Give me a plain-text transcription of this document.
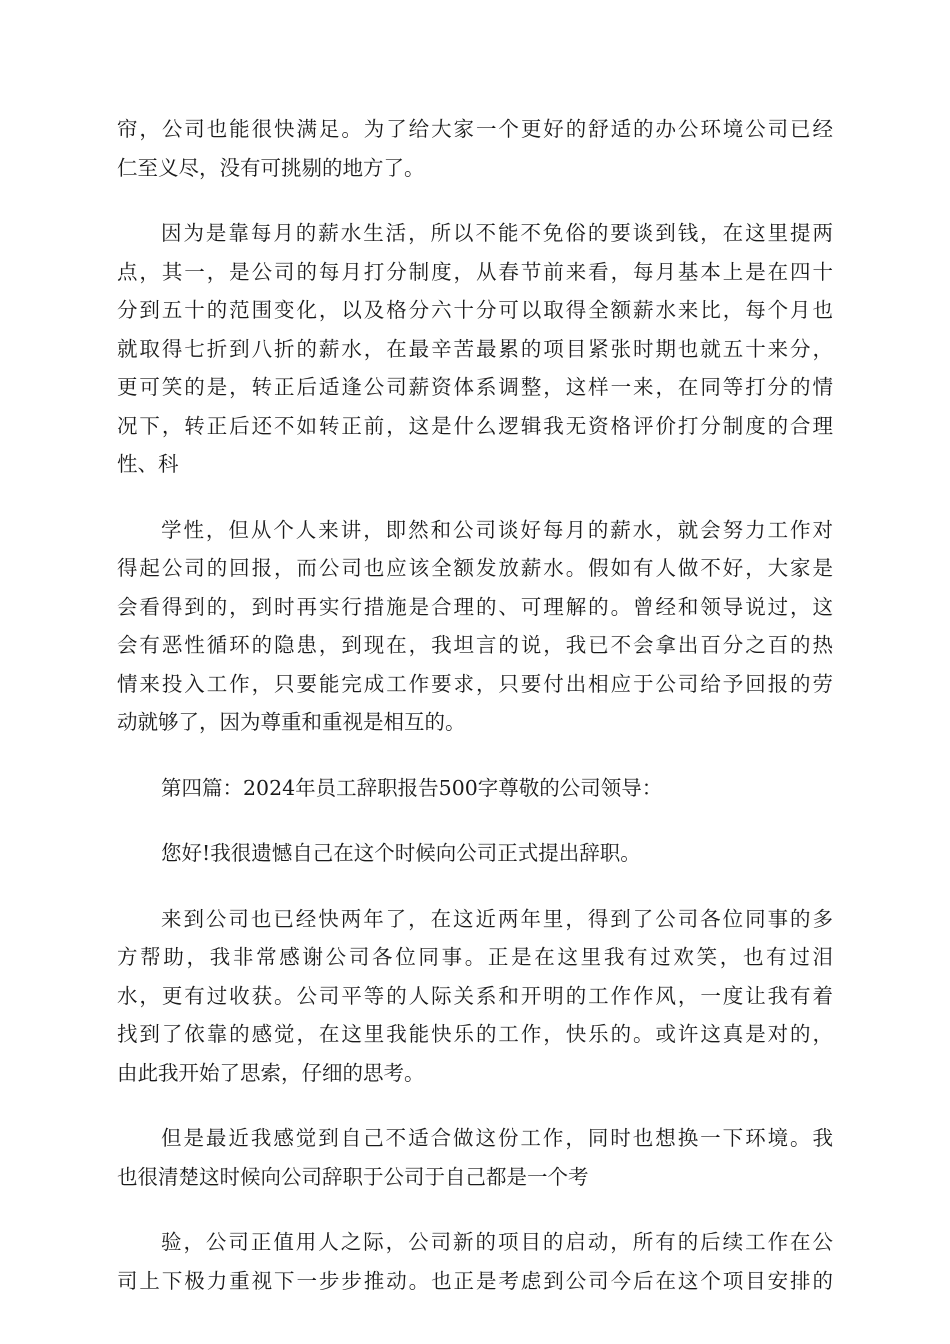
帘，公司也能很快满足。为了给大家一个更好的舒适的办公环境公司已经
仁至义尽，没有可挑剔的地方了。
因为是靠每月的薪水生活，所以不能不免俗的要谈到钱，在这里提两
点，其一，是公司的每月打分制度，从春节前来看，每月基本上是在四十
分到五十的范围变化，以及格分六十分可以取得全额薪水来比，每个月也
就取得七折到八折的薪水，在最辛苦最累的项目紧张时期也就五十来分，
更可笑的是，转正后适逢公司薪资体系调整，这样一来，在同等打分的情
况下，转正后还不如转正前，这是什么逻辑我无资格评价打分制度的合理
性、科
学性，但从个人来讲，即然和公司谈好每月的薪水，就会努力工作对
得起公司的回报，而公司也应该全额发放薪水。假如有人做不好，大家是
会看得到的，到时再实行措施是合理的、可理解的。曾经和领导说过，这
会有恶性循环的隐患，到现在，我坦言的说，我已不会拿出百分之百的热
情来投入工作，只要能完成工作要求，只要付出相应于公司给予回报的劳
动就够了，因为尊重和重视是相互的。
第四篇：2024年员工辞职报告500字尊敬的公司领导：
您好!我很遗憾自己在这个时候向公司正式提出辞职。
来到公司也已经快两年了，在这近两年里，得到了公司各位同事的多
方帮助，我非常感谢公司各位同事。正是在这里我有过欢笑，也有过泪
水，更有过收获。公司平等的人际关系和开明的工作作风，一度让我有着
找到了依靠的感觉，在这里我能快乐的工作，快乐的。或许这真是对的，
由此我开始了思索，仔细的思考。
但是最近我感觉到自己不适合做这份工作，同时也想换一下环境。我
也很清楚这时候向公司辞职于公司于自己都是一个考
验，公司正值用人之际，公司新的项目的启动，所有的后续工作在公
司上下极力重视下一步步推动。也正是考虑到公司今后在这个项目安排的
